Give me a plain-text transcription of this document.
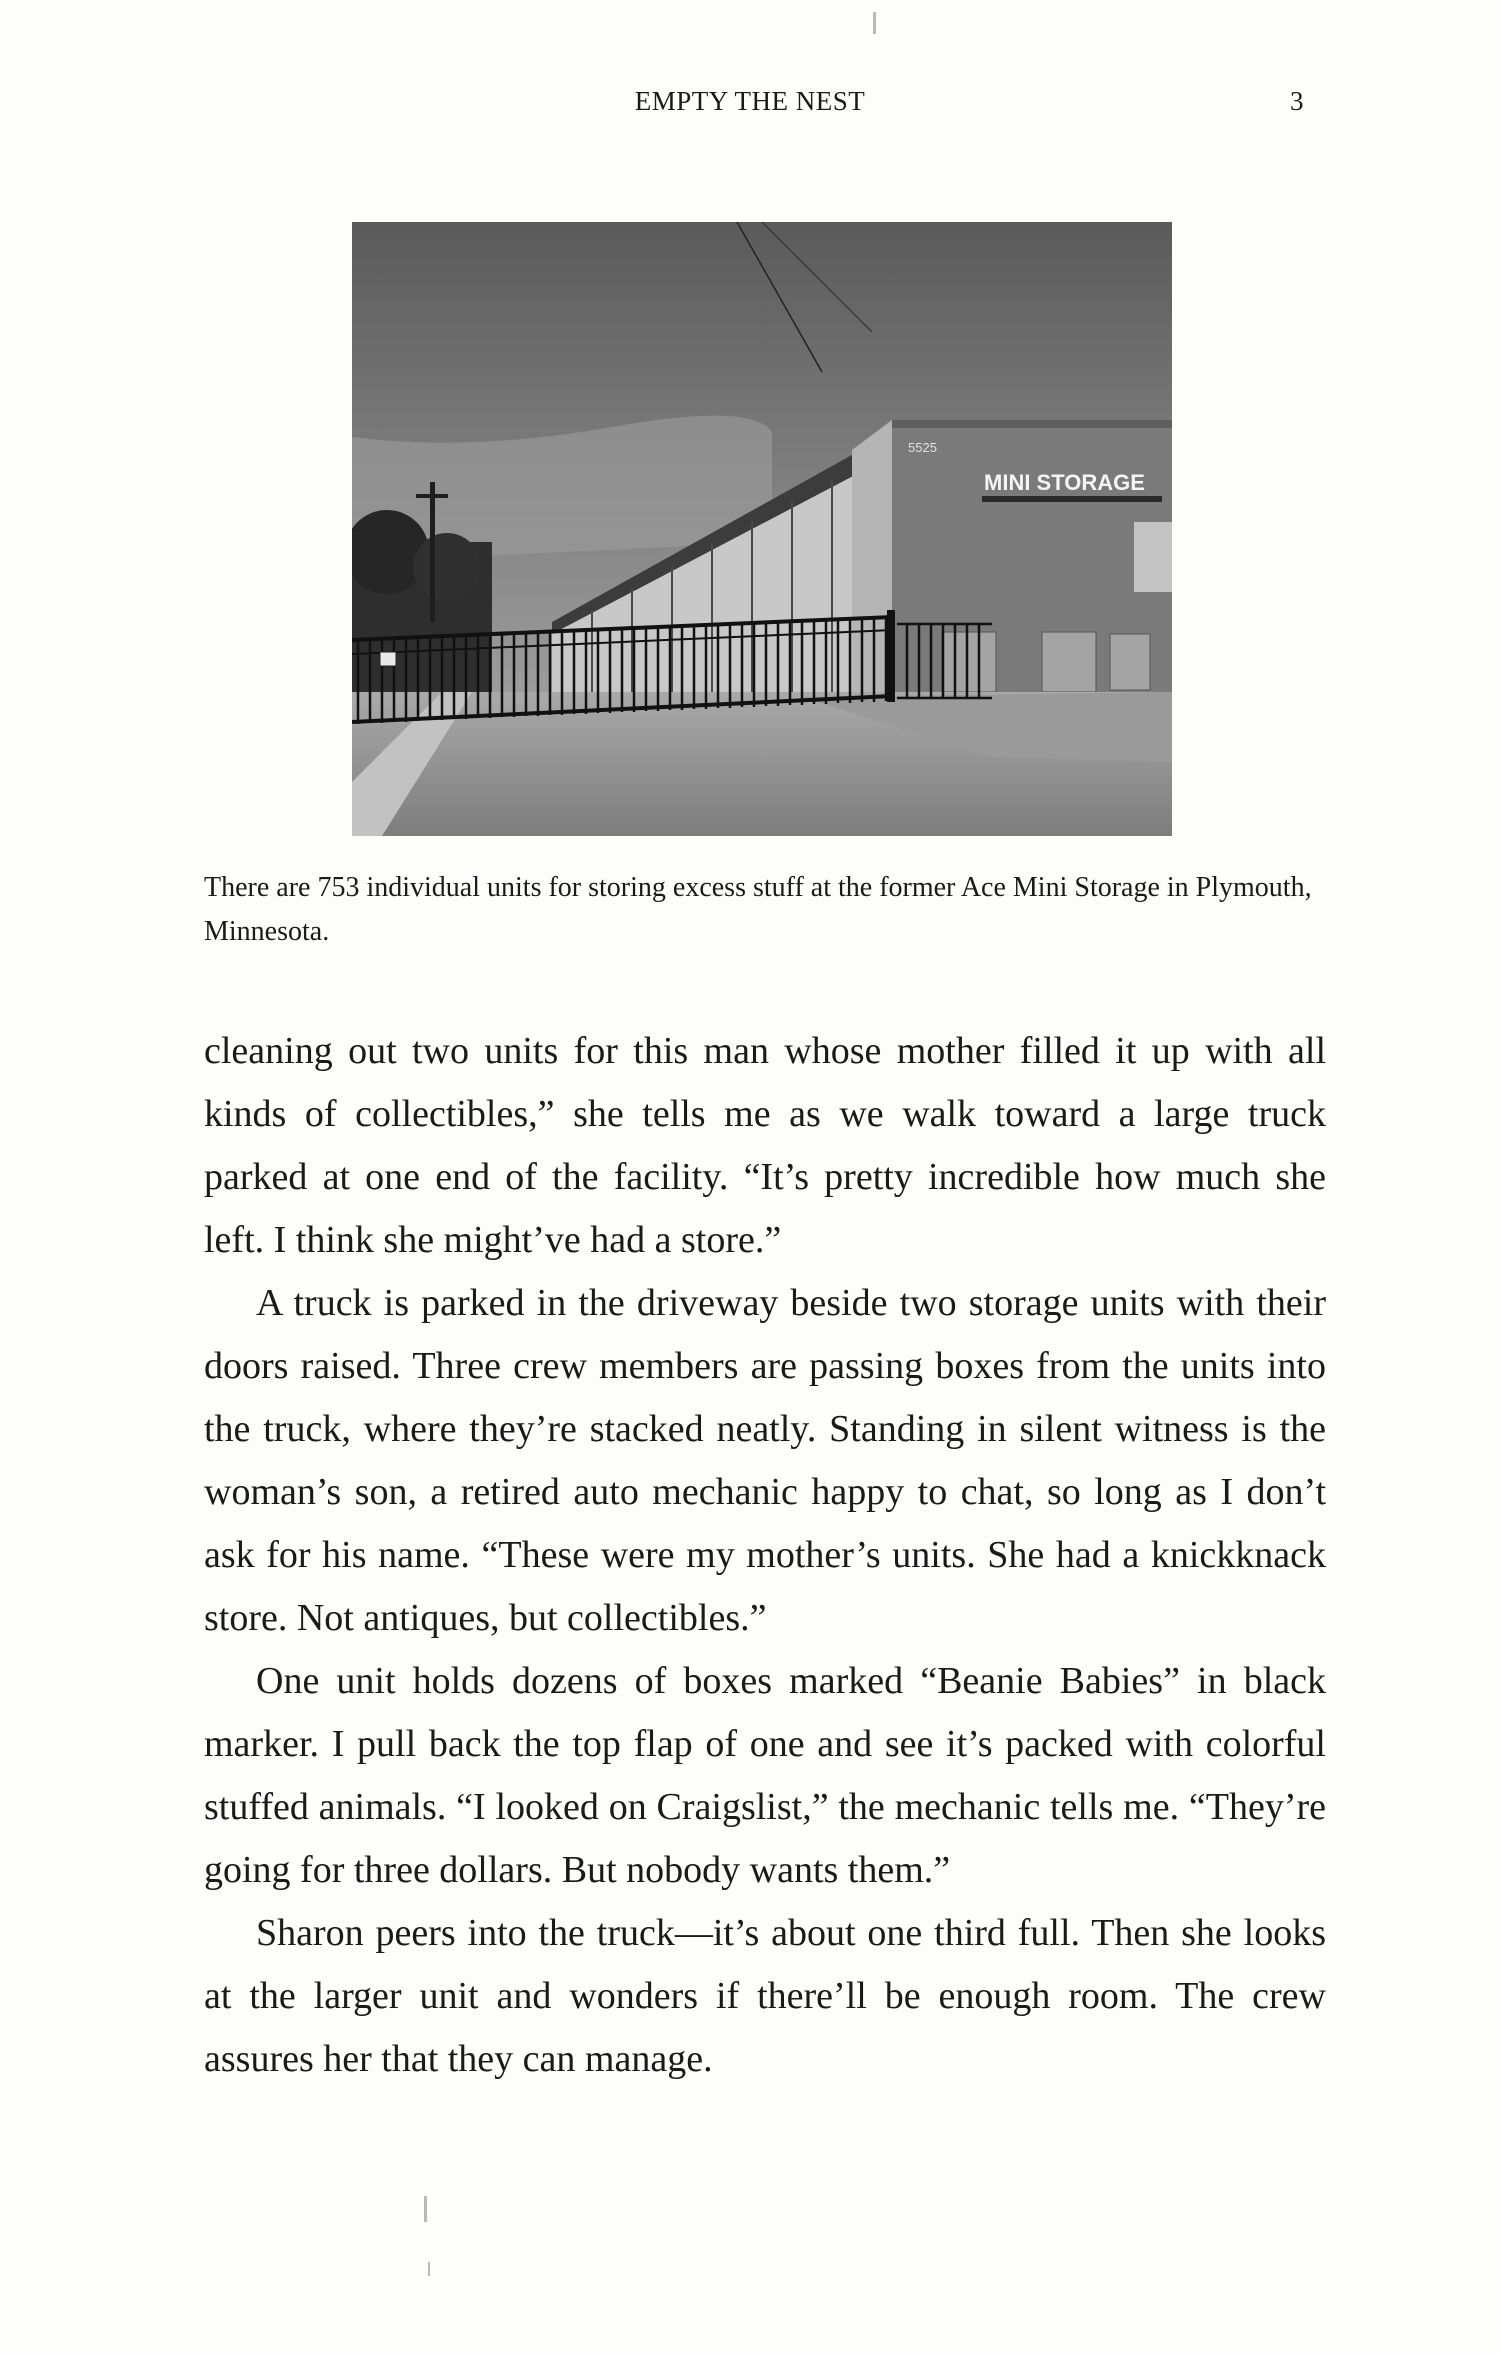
EMPTY THE NEST	3
5525
MINI STORAGE
There are 753 individual units for storing excess stuff at the former Ace Mini Storage in Plymouth, Minnesota.

cleaning out two units for this man whose mother filled it up with all kinds of collectibles,” she tells me as we walk toward a large truck parked at one end of the facility. “It’s pretty incredible how much she left. I think she might’ve had a store.”

A truck is parked in the driveway beside two storage units with their doors raised. Three crew members are passing boxes from the units into the truck, where they’re stacked neatly. Standing in silent witness is the woman’s son, a retired auto mechanic happy to chat, so long as I don’t ask for his name. “These were my mother’s units. She had a knickknack store. Not antiques, but collectibles.”

One unit holds dozens of boxes marked “Beanie Babies” in black marker. I pull back the top flap of one and see it’s packed with colorful stuffed animals. “I looked on Craigslist,” the mechanic tells me. “They’re going for three dollars. But nobody wants them.”

Sharon peers into the truck—it’s about one third full. Then she looks at the larger unit and wonders if there’ll be enough room. The crew assures her that they can manage.
